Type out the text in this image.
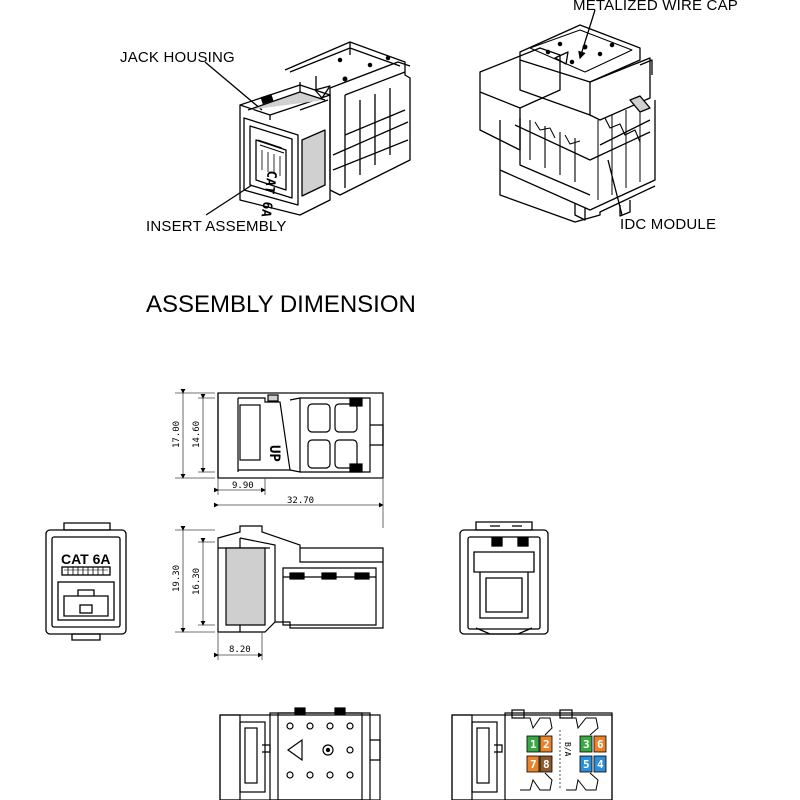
METALIZED WIRE CAP
JACK HOUSING
INSERT ASSEMBLY	IDC MODULE
ASSEMBLY DIMENSION
CAT 6A
UP
17.00 14.60
9.90
32.70
CAT 6A
19.30 16.30
8.20
1 2	3 6
7 8	5 4
B/A
